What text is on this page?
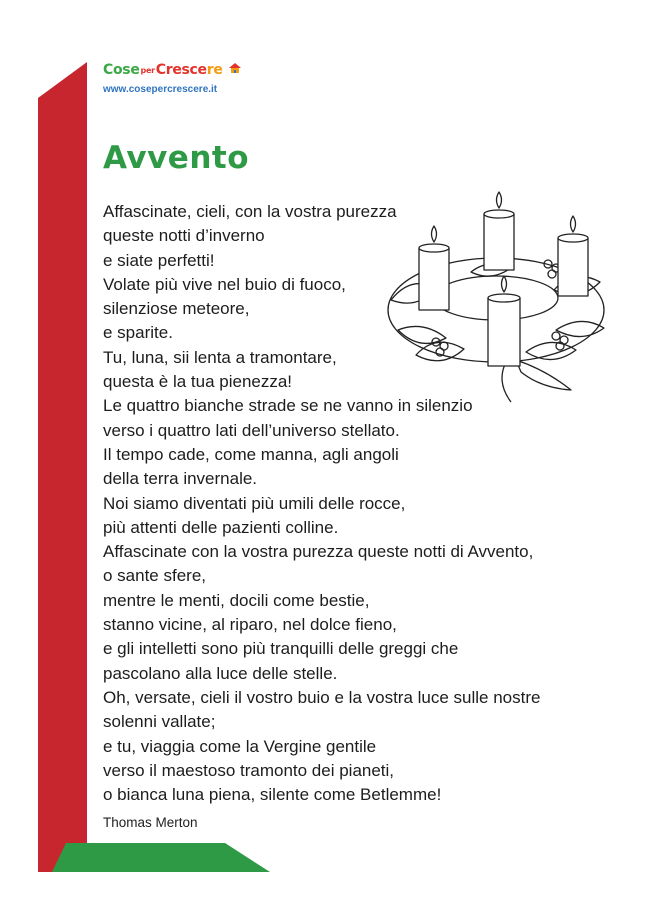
CoseperCrescere
www.cosepercrescere.it
Avvento
Affascinate, cieli, con la vostra purezza
queste notti d’inverno
e siate perfetti!
Volate più vive nel buio di fuoco,
silenziose meteore,
e sparite.
Tu, luna, sii lenta a tramontare,
questa è la tua pienezza!
Le quattro bianche strade se ne vanno in silenzio
verso i quattro lati dell’universo stellato.
Il tempo cade, come manna, agli angoli
della terra invernale.
Noi siamo diventati più umili delle rocce,
più attenti delle pazienti colline.
Affascinate con la vostra purezza queste notti di Avvento,
o sante sfere,
mentre le menti, docili come bestie,
stanno vicine, al riparo, nel dolce fieno,
e gli intelletti sono più tranquilli delle greggi che
pascolano alla luce delle stelle.
Oh, versate, cieli il vostro buio e la vostra luce sulle nostre
solenni vallate;
e tu, viaggia come la Vergine gentile
verso il maestoso tramonto dei pianeti,
o bianca luna piena, silente come Betlemme!
Thomas Merton
